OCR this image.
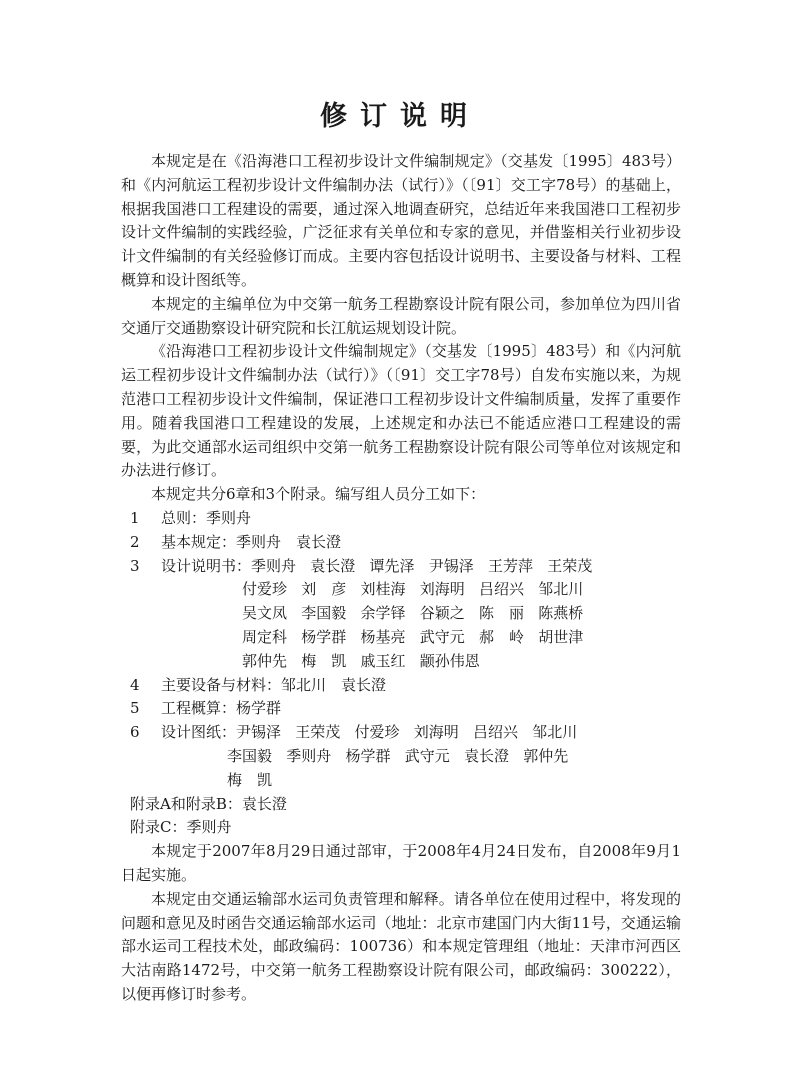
修订说明

本规定是在《沿海港口工程初步设计文件编制规定》（交基发〔1995〕483号）和《内河航运工程初步设计文件编制办法（试行）》（〔91〕交工字78号）的基础上，根据我国港口工程建设的需要，通过深入地调查研究，总结近年来我国港口工程初步设计文件编制的实践经验，广泛征求有关单位和专家的意见，并借鉴相关行业初步设计文件编制的有关经验修订而成。主要内容包括设计说明书、主要设备与材料、工程概算和设计图纸等。

本规定的主编单位为中交第一航务工程勘察设计院有限公司，参加单位为四川省交通厅交通勘察设计研究院和长江航运规划设计院。

《沿海港口工程初步设计文件编制规定》（交基发〔1995〕483号）和《内河航运工程初步设计文件编制办法（试行）》（〔91〕交工字78号）自发布实施以来，为规范港口工程初步设计文件编制，保证港口工程初步设计文件编制质量，发挥了重要作用。随着我国港口工程建设的发展，上述规定和办法已不能适应港口工程建设的需要，为此交通部水运司组织中交第一航务工程勘察设计院有限公司等单位对该规定和办法进行修订。

本规定共分6章和3个附录。编写组人员分工如下：

1	总则：季则舟
2	基本规定：季则舟　袁长澄
3	设计说明书： 季则舟 袁长澄 谭先泽 尹锡泽 王芳萍 王荣茂
付爱珍 刘　彦 刘桂海 刘海明 吕绍兴 邹北川
吴文凤 李国毅 余学铎 谷颖之 陈　丽 陈燕桥
周定科 杨学群 杨基亮 武守元 郝　岭 胡世津
郭仲先 梅　凯 戚玉红 颛孙伟恩
4	主要设备与材料：邹北川　袁长澄
5	工程概算：杨学群
6	设计图纸： 尹锡泽 王荣茂 付爱珍 刘海明 吕绍兴 邹北川
李国毅 季则舟 杨学群 武守元 袁长澄 郭仲先
梅　凯
附录A和附录B：袁长澄
附录C：季则舟

本规定于2007年8月29日通过部审，于2008年4月24日发布，自2008年9月1日起实施。

本规定由交通运输部水运司负责管理和解释。请各单位在使用过程中，将发现的问题和意见及时函告交通运输部水运司（地址：北京市建国门内大街11号，交通运输部水运司工程技术处，邮政编码：100736）和本规定管理组（地址：天津市河西区大沽南路1472号，中交第一航务工程勘察设计院有限公司，邮政编码：300222），以便再修订时参考。
